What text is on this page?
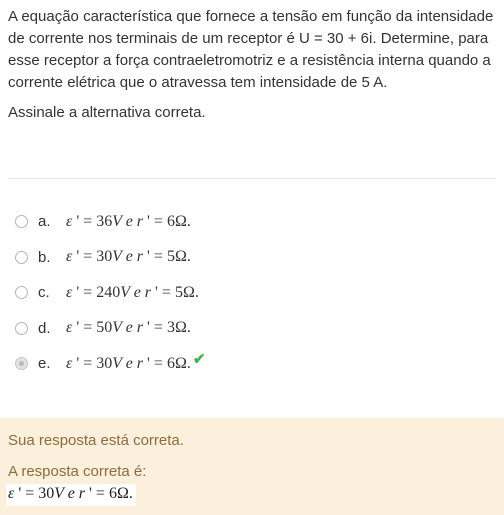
A equação característica que fornece a tensão em função da intensidade de corrente nos terminais de um receptor é U = 30 + 6i. Determine, para esse receptor a força contraeletromotriz e a resistência interna quando a corrente elétrica que o atravessa tem intensidade de 5 A.

Assinale a alternativa correta.

a. ε ' = 36V e r ' = 6Ω.
b. ε ' = 30V e r ' = 5Ω.
c.	ε ' = 240V e r ' = 5Ω.
d. ε ' = 50V e r ' = 3Ω.
e. ε ' = 30V e r ' = 6Ω. ✔
Sua resposta está correta.
A resposta correta é:
ε ' = 30V e r ' = 6Ω.
